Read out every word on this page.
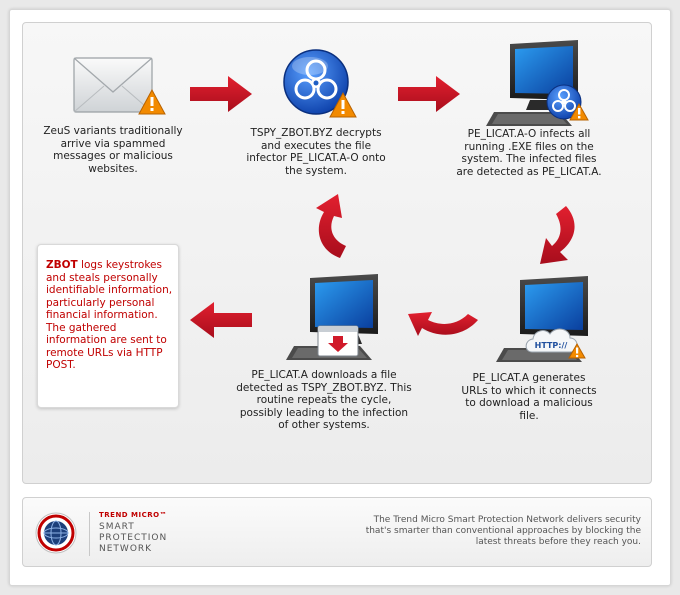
HTTP://
ZeuS variants traditionally arrive via spammed messages or malicious websites.
TSPY_ZBOT.BYZ decrypts and executes the file infector PE_LICAT.A-O onto the system.
PE_LICAT.A-O infects all running .EXE files on the system. The infected files are detected as PE_LICAT.A.
PE_LICAT.A generates URLs to which it connects to download a malicious file.
PE_LICAT.A downloads a file detected as TSPY_ZBOT.BYZ. This routine repeats the cycle, possibly leading to the infection of other systems.
ZBOT logs keystrokes and steals personally identifiable information, particularly personal financial information. The gathered information are sent to remote URLs via HTTP POST.
TREND MICRO™
SMART
PROTECTION
NETWORK
The Trend Micro Smart Protection Network delivers security that's smarter than conventional approaches by blocking the latest threats before they reach you.
